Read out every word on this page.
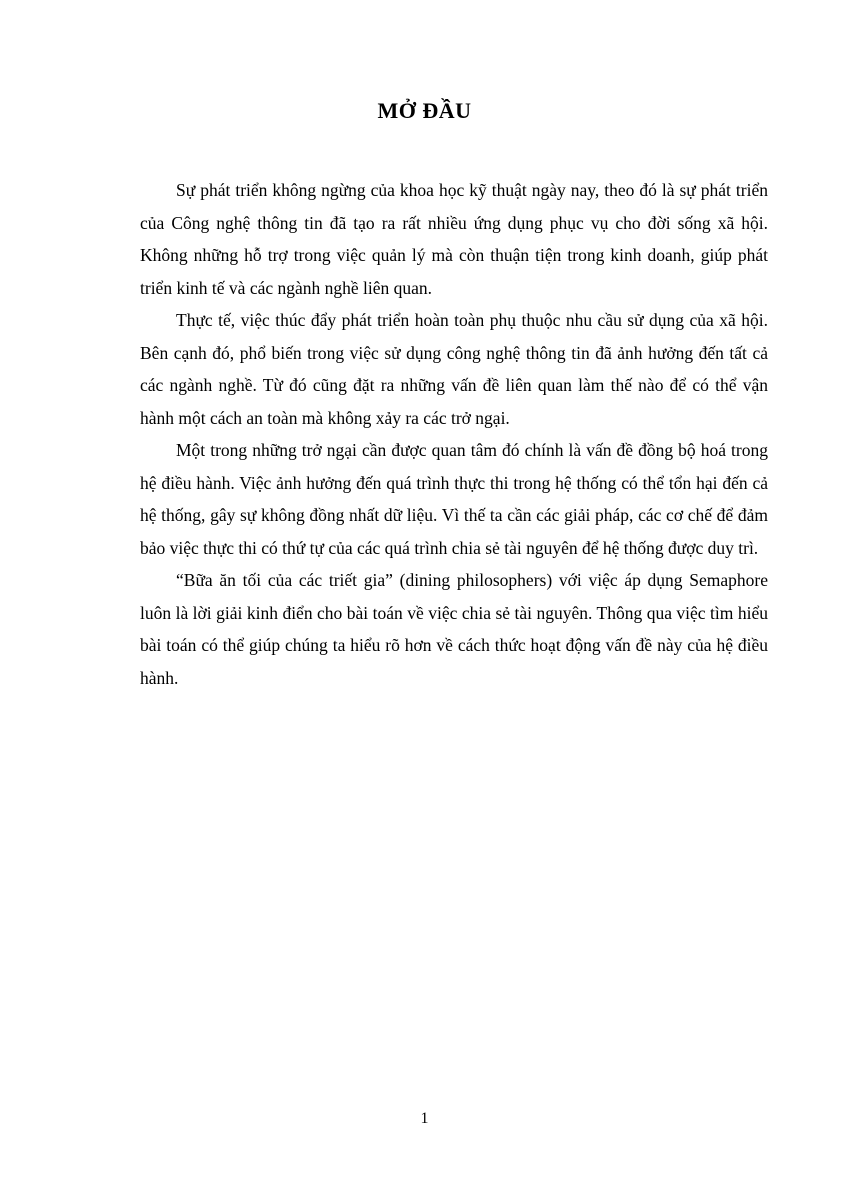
MỞ ĐẦU

Sự phát triển không ngừng của khoa học kỹ thuật ngày nay, theo đó là sự phát triển của Công nghệ thông tin đã tạo ra rất nhiều ứng dụng phục vụ cho đời sống xã hội. Không những hỗ trợ trong việc quản lý mà còn thuận tiện trong kinh doanh, giúp phát triển kinh tế và các ngành nghề liên quan.

Thực tế, việc thúc đẩy phát triển hoàn toàn phụ thuộc nhu cầu sử dụng của xã hội. Bên cạnh đó, phổ biến trong việc sử dụng công nghệ thông tin đã ảnh hưởng đến tất cả các ngành nghề. Từ đó cũng đặt ra những vấn đề liên quan làm thế nào để có thể vận hành một cách an toàn mà không xảy ra các trở ngại.

Một trong những trở ngại cần được quan tâm đó chính là vấn đề đồng bộ hoá trong hệ điều hành. Việc ảnh hưởng đến quá trình thực thi trong hệ thống có thể tổn hại đến cả hệ thống, gây sự không đồng nhất dữ liệu. Vì thế ta cần các giải pháp, các cơ chế để đảm bảo việc thực thi có thứ tự của các quá trình chia sẻ tài nguyên để hệ thống được duy trì.

“Bữa ăn tối của các triết gia” (dining philosophers) với việc áp dụng Semaphore luôn là lời giải kinh điển cho bài toán về việc chia sẻ tài nguyên. Thông qua việc tìm hiểu bài toán có thể giúp chúng ta hiểu rõ hơn về cách thức hoạt động vấn đề này của hệ điều hành.

1
